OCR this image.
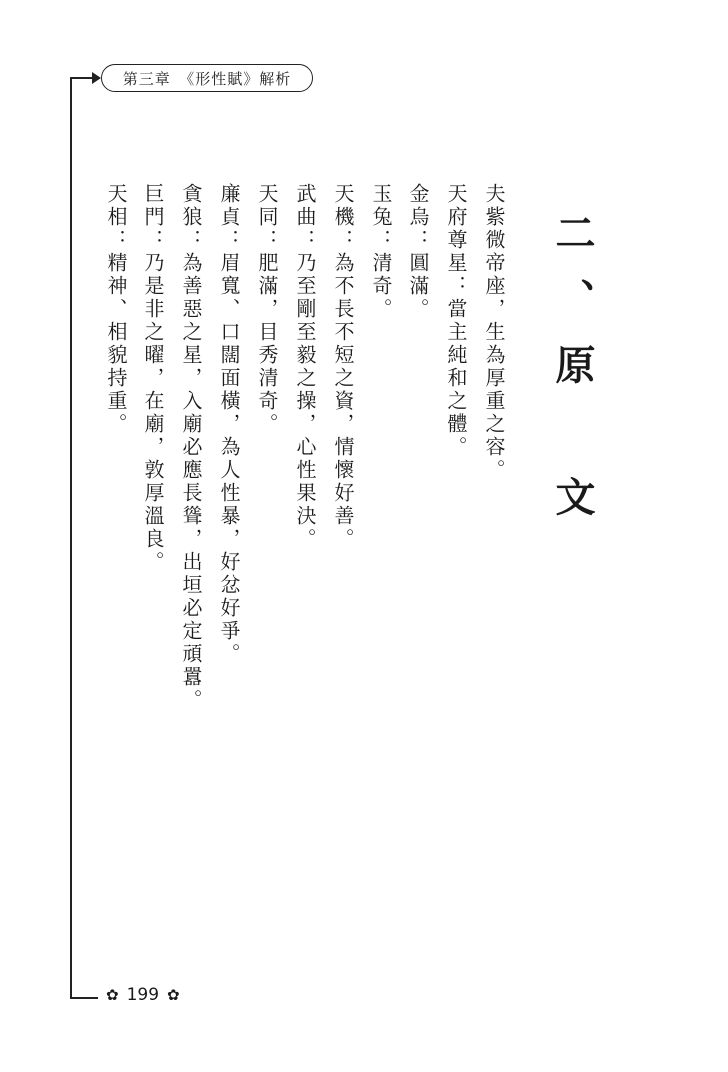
第三章　《形性賦》解析
二、原　文
夫紫微帝座，生為厚重之容。
天府尊星：當主純和之體。
金烏：圓滿。
玉兔：清奇。
天機：為不長不短之資，情懷好善。
武曲：乃至剛至毅之操，心性果決。
天同：肥滿，目秀清奇。
廉貞：眉寬、口闊面橫，為人性暴，好忿好爭。
貪狼：為善惡之星，入廟必應長聳，出垣必定頑囂。
巨門：乃是非之曜，在廟，敦厚溫良。
天相：精神、相貌持重。
✿ 199 ✿
